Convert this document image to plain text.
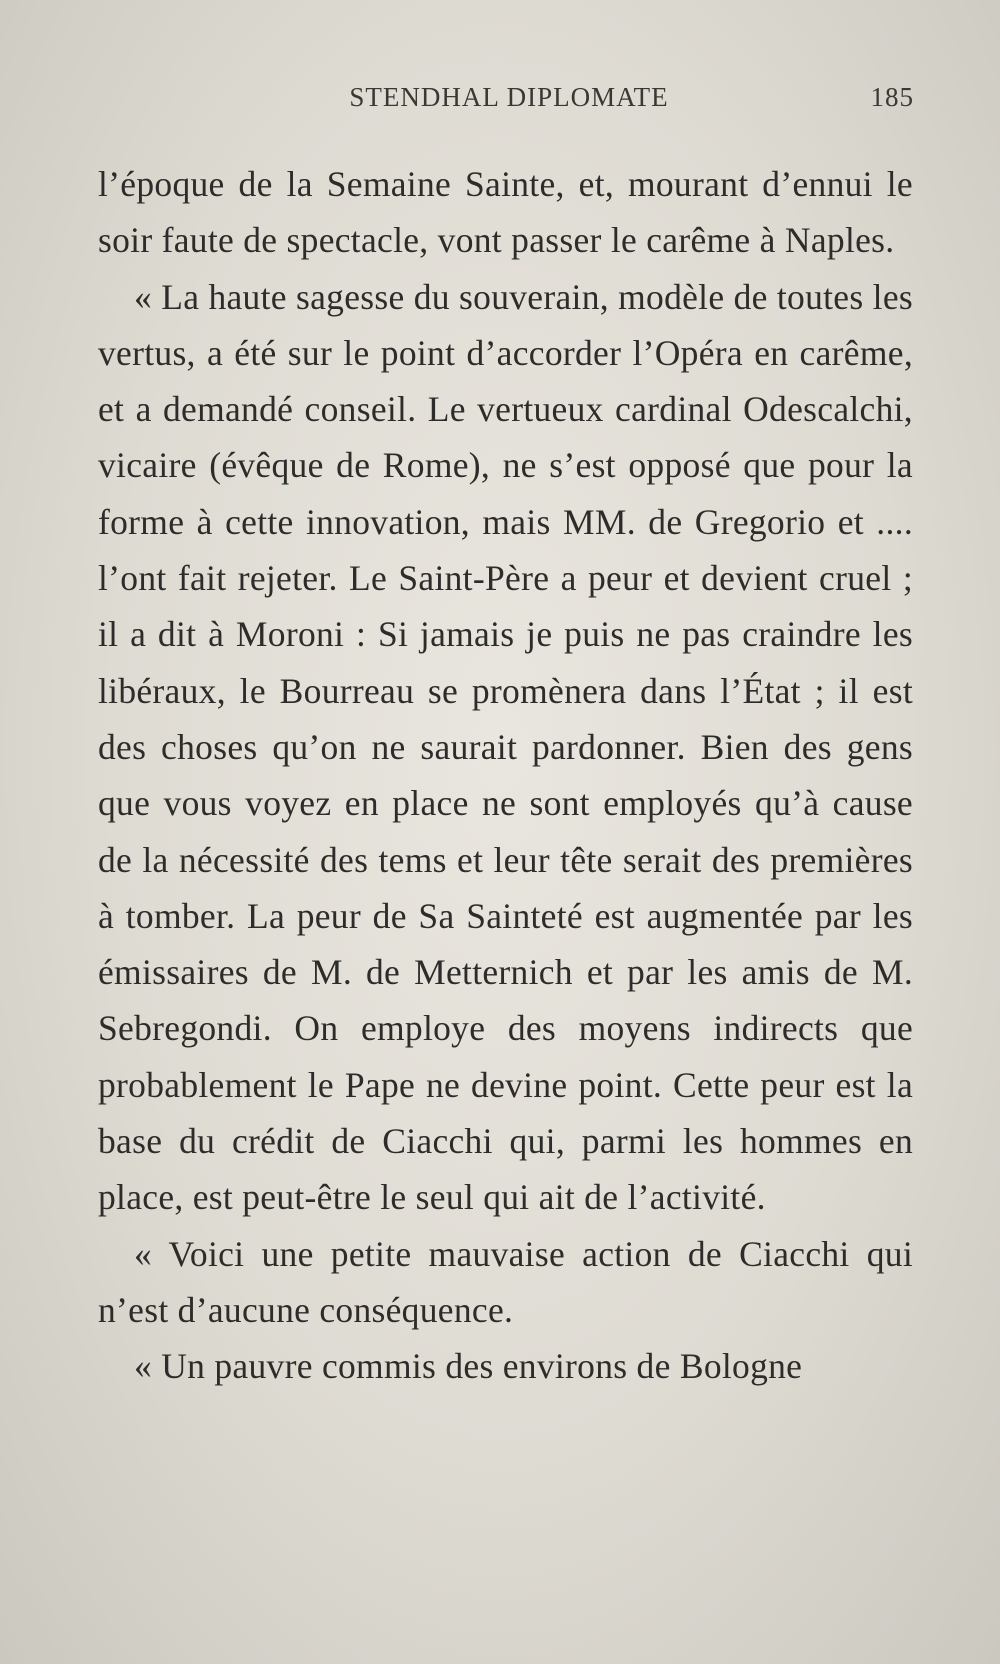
STENDHAL DIPLOMATE	185

l’époque de la Semaine Sainte, et, mourant d’ennui le soir faute de spectacle, vont passer le carême à Naples.

« La haute sagesse du souverain, modèle de toutes les vertus, a été sur le point d’accorder l’Opéra en carême, et a demandé conseil. Le vertueux cardinal Odescalchi, vicaire (évêque de Rome), ne s’est opposé que pour la forme à cette innovation, mais MM. de Gregorio et .... l’ont fait rejeter. Le Saint-Père a peur et devient cruel ; il a dit à Moroni : Si jamais je puis ne pas craindre les libéraux, le Bourreau se promènera dans l’État ; il est des choses qu’on ne saurait pardonner. Bien des gens que vous voyez en place ne sont employés qu’à cause de la nécessité des tems et leur tête serait des premières à tomber. La peur de Sa Sainteté est augmentée par les émissaires de M. de Metternich et par les amis de M. Sebregondi. On employe des moyens indirects que probablement le Pape ne devine point. Cette peur est la base du crédit de Ciacchi qui, parmi les hommes en place, est peut-être le seul qui ait de l’activité.

« Voici une petite mauvaise action de Ciacchi qui n’est d’aucune conséquence.

« Un pauvre commis des environs de Bologne
